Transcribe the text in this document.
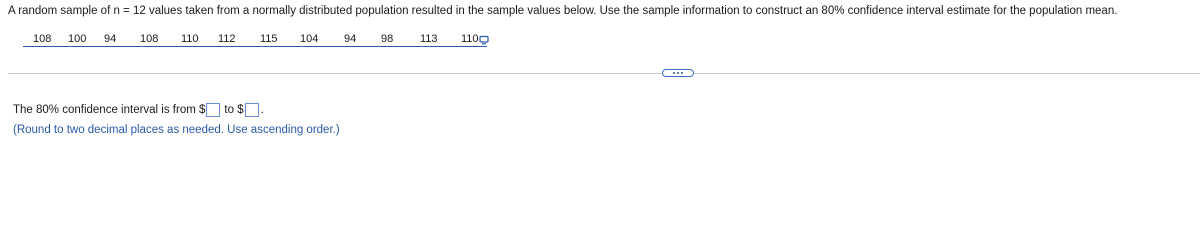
A random sample of n = 12 values taken from a normally distributed population resulted in the sample values below. Use the sample information to construct an 80% confidence interval estimate for the population mean.
108	100	94	108	110	112	115	104	94	98	113	110
The 80% confidence interval is from $ to $ .
(Round to two decimal places as needed. Use ascending order.)
